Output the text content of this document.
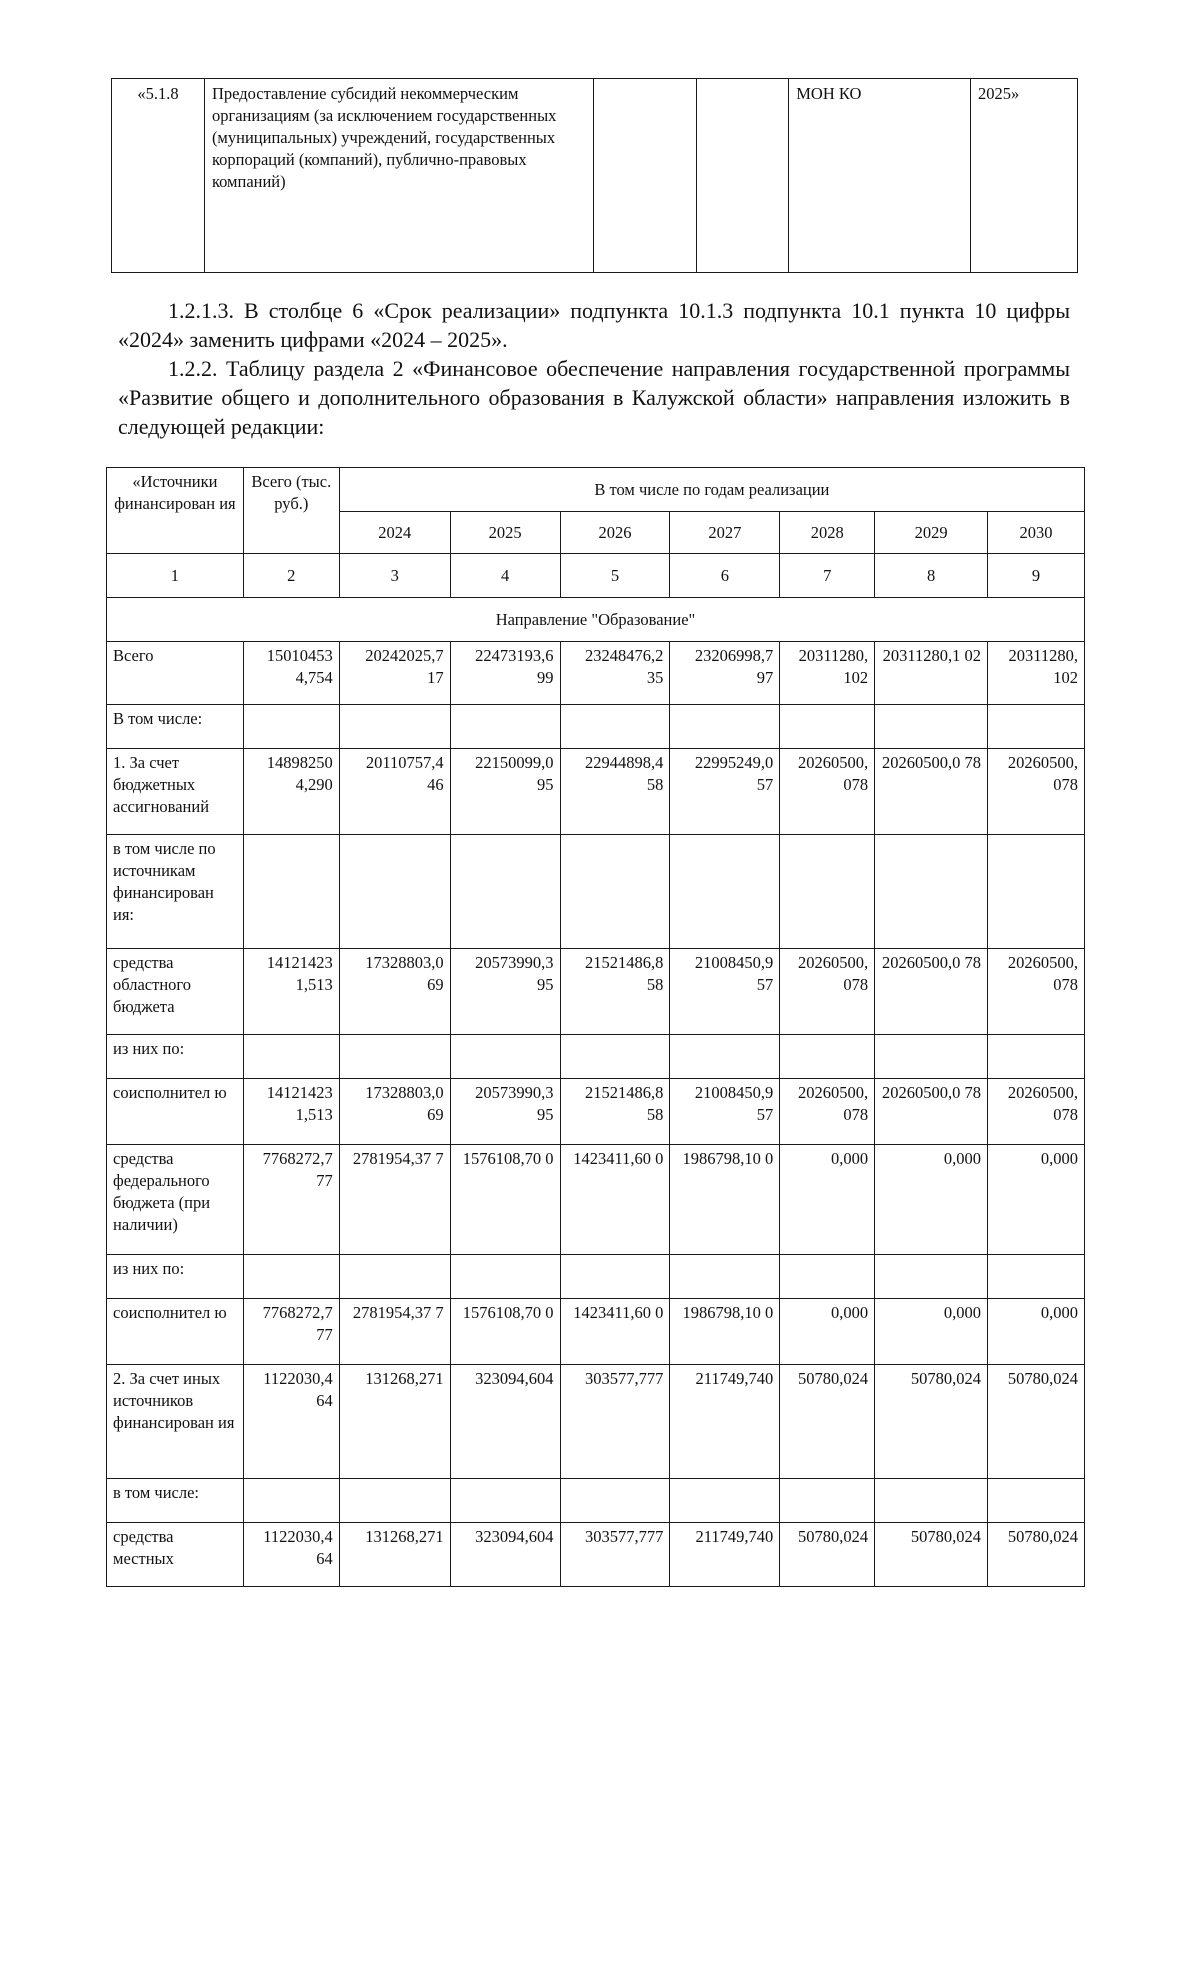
«5.1.8	Предоставление субсидий некоммерческим организациям (за исключением государственных (муниципальных) учреждений, государственных корпораций (компаний), публично-правовых компаний)			МОН КО	2025»

1.2.1.3. В столбце 6 «Срок реализации» подпункта 10.1.3 подпункта 10.1 пункта 10 цифры «2024» заменить цифрами «2024 – 2025».

1.2.2. Таблицу раздела 2 «Финансовое обеспечение направления государственной программы «Развитие общего и дополнительного образования в Калужской области» направления изложить в следующей редакции:

«Источники финансирован ия	Всего (тыс. руб.)	В том числе по годам реализации						
		2024	2025	2026	2027	2028	2029	2030
1	2	3	4	5	6	7	8	9
Направление "Образование"								
Всего	15010453 4,754	20242025,7 17	22473193,6 99	23248476,2 35	23206998,7 97	20311280, 102	20311280,1 02	20311280, 102
В том числе:								
1. За счет бюджетных ассигнований	14898250 4,290	20110757,4 46	22150099,0 95	22944898,4 58	22995249,0 57	20260500, 078	20260500,0 78	20260500, 078
в том числе по источникам финансирован ия:								
средства областного бюджета	14121423 1,513	17328803,0 69	20573990,3 95	21521486,8 58	21008450,9 57	20260500, 078	20260500,0 78	20260500, 078
из них по:								
соисполнител ю	14121423 1,513	17328803,0 69	20573990,3 95	21521486,8 58	21008450,9 57	20260500, 078	20260500,0 78	20260500, 078
средства федерального бюджета (при наличии)	7768272,7 77	2781954,37 7	1576108,70 0	1423411,60 0	1986798,10 0	0,000	0,000	0,000
из них по:								
соисполнител ю	7768272,7 77	2781954,37 7	1576108,70 0	1423411,60 0	1986798,10 0	0,000	0,000	0,000
2. За счет иных источников финансирован ия	1122030,4 64	131268,271	323094,604	303577,777	211749,740	50780,024	50780,024	50780,024
в том числе:								
средства местных	1122030,4 64	131268,271	323094,604	303577,777	211749,740	50780,024	50780,024	50780,024
